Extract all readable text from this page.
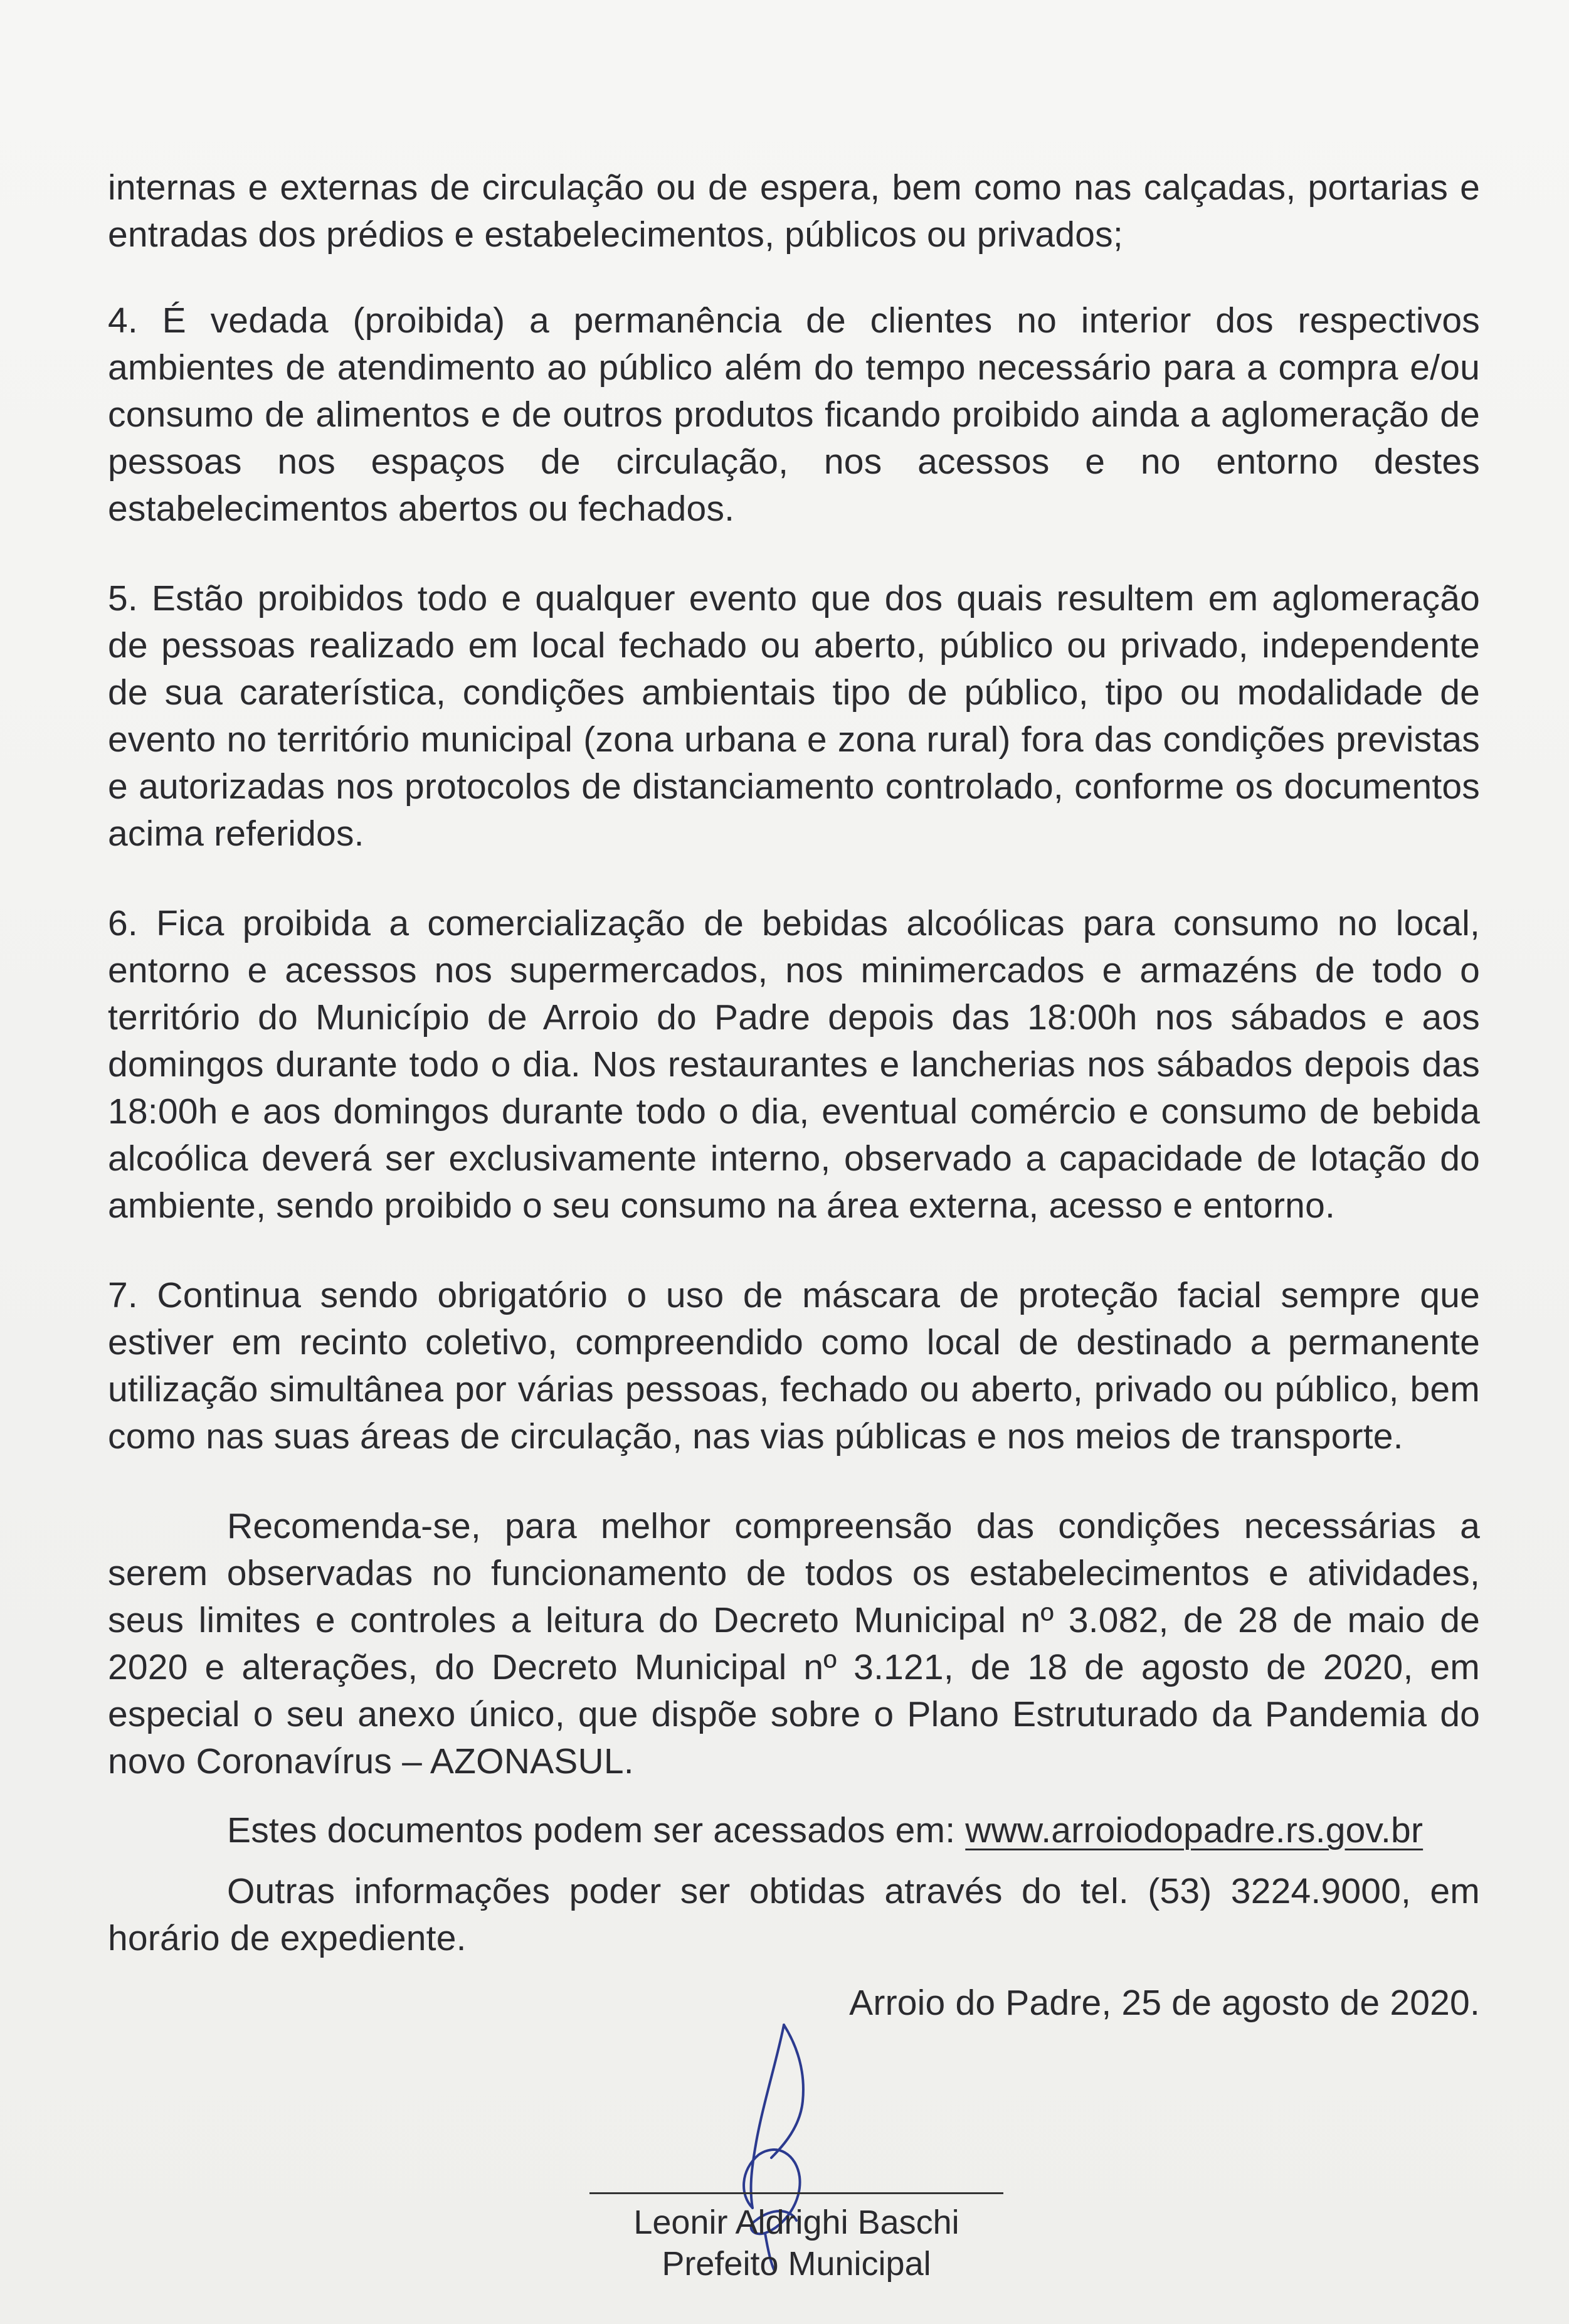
internas e externas de circulação ou de espera, bem como nas calçadas, portarias e entradas dos prédios e estabelecimentos, públicos ou privados;

4. É vedada (proibida) a permanência de clientes no interior dos respectivos ambientes de atendimento ao público além do tempo necessário para a compra e/ou consumo de alimentos e de outros produtos ficando proibido ainda a aglomeração de pessoas nos espaços de circulação, nos acessos e no entorno destes estabelecimentos abertos ou fechados.

5. Estão proibidos todo e qualquer evento que dos quais resultem em aglomeração de pessoas realizado em local fechado ou aberto, público ou privado, independente de sua caraterística, condições ambientais tipo de público, tipo ou modalidade de evento no território municipal (zona urbana e zona rural) fora das condições previstas e autorizadas nos protocolos de distanciamento controlado, conforme os documentos acima referidos.

6. Fica proibida a comercialização de bebidas alcoólicas para consumo no local, entorno e acessos nos supermercados, nos minimercados e armazéns de todo o território do Município de Arroio do Padre depois das 18:00h nos sábados e aos domingos durante todo o dia. Nos restaurantes e lancherias nos sábados depois das 18:00h e aos domingos durante todo o dia, eventual comércio e consumo de bebida alcoólica deverá ser exclusivamente interno, observado a capacidade de lotação do ambiente, sendo proibido o seu consumo na área externa, acesso e entorno.

7. Continua sendo obrigatório o uso de máscara de proteção facial sempre que estiver em recinto coletivo, compreendido como local de destinado a permanente utilização simultânea por várias pessoas, fechado ou aberto, privado ou público, bem como nas suas áreas de circulação, nas vias públicas e nos meios de transporte.

Recomenda-se, para melhor compreensão das condições necessárias a serem observadas no funcionamento de todos os estabelecimentos e atividades, seus limites e controles a leitura do Decreto Municipal nº 3.082, de 28 de maio de 2020 e alterações, do Decreto Municipal nº 3.121, de 18 de agosto de 2020, em especial o seu anexo único, que dispõe sobre o Plano Estruturado da Pandemia do novo Coronavírus – AZONASUL.

Estes documentos podem ser acessados em: www.arroiodopadre.rs.gov.br

Outras informações poder ser obtidas através do tel. (53) 3224.9000, em horário de expediente.

Arroio do Padre, 25 de agosto de 2020.

Leonir Aldrighi Baschi
Prefeito Municipal
